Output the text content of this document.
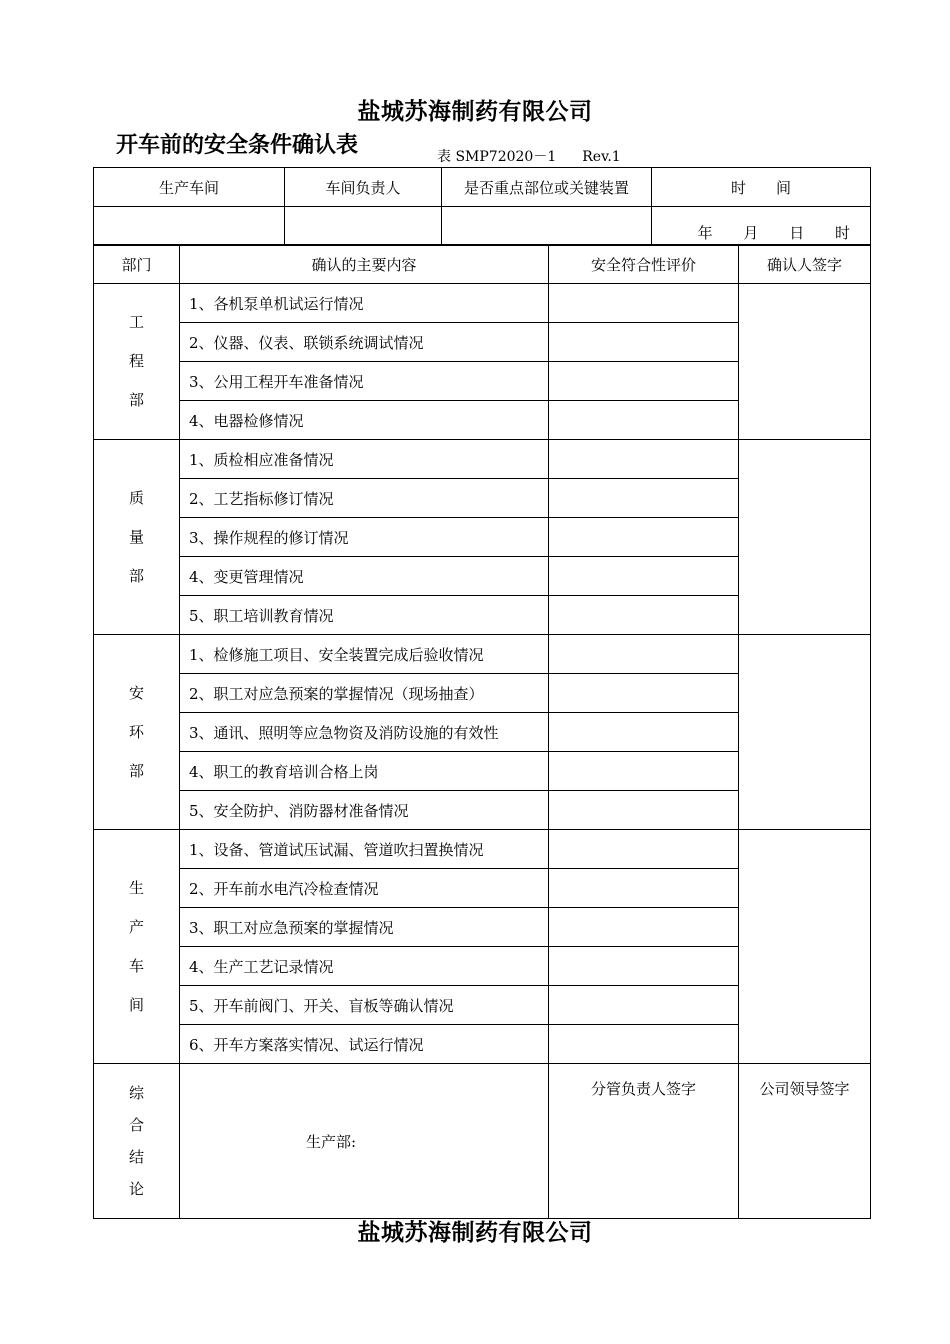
盐城苏海制药有限公司
开车前的安全条件确认表	表 SMP72020－1 Rev.1
生产车间	车间负责人	是否重点部位或关键装置	时　　间
			年 月 日 时
部门	确认的主要内容	安全符合性评价	确认人签字

工
程
部	1、各机泵单机试运行情况		
	2、仪器、仪表、联锁系统调试情况		
	3、公用工程开车准备情况		
	4、电器检修情况		

质
量
部	1、质检相应准备情况		
	2、工艺指标修订情况		
	3、操作规程的修订情况		
	4、变更管理情况		
	5、职工培训教育情况		

安
环
部	1、检修施工项目、安全装置完成后验收情况		
	2、职工对应急预案的掌握情况（现场抽查）		
	3、通讯、照明等应急物资及消防设施的有效性		
	4、职工的教育培训合格上岗		
	5、安全防护、消防器材准备情况		

生
产
车
间	1、设备、管道试压试漏、管道吹扫置换情况		
	2、开车前水电汽冷检查情况		
	3、职工对应急预案的掌握情况		
	4、生产工艺记录情况		
	5、开车前阀门、开关、盲板等确认情况		
	6、开车方案落实情况、试运行情况		

综
合
结
论	生产部:	分管负责人签字	公司领导签字
盐城苏海制药有限公司
